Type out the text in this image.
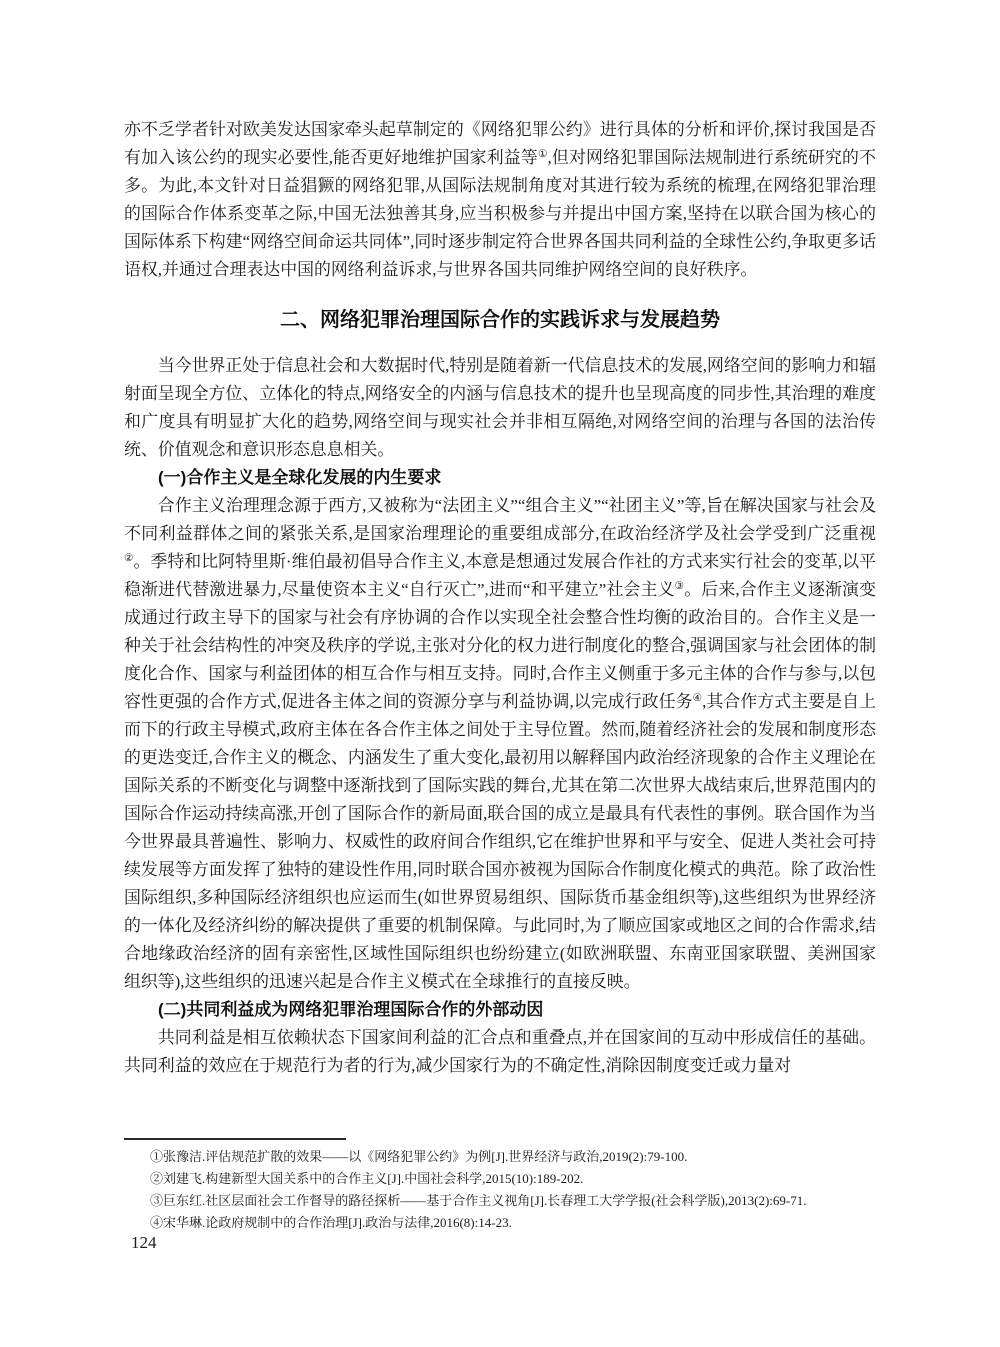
亦不乏学者针对欧美发达国家牵头起草制定的《网络犯罪公约》进行具体的分析和评价,探讨我国是否有加入该公约的现实必要性,能否更好地维护国家利益等①,但对网络犯罪国际法规制进行系统研究的不多。为此,本文针对日益猖獗的网络犯罪,从国际法规制角度对其进行较为系统的梳理,在网络犯罪治理的国际合作体系变革之际,中国无法独善其身,应当积极参与并提出中国方案,坚持在以联合国为核心的国际体系下构建“网络空间命运共同体”,同时逐步制定符合世界各国共同利益的全球性公约,争取更多话语权,并通过合理表达中国的网络利益诉求,与世界各国共同维护网络空间的良好秩序。

二、网络犯罪治理国际合作的实践诉求与发展趋势

当今世界正处于信息社会和大数据时代,特别是随着新一代信息技术的发展,网络空间的影响力和辐射面呈现全方位、立体化的特点,网络安全的内涵与信息技术的提升也呈现高度的同步性,其治理的难度和广度具有明显扩大化的趋势,网络空间与现实社会并非相互隔绝,对网络空间的治理与各国的法治传统、价值观念和意识形态息息相关。

(一)合作主义是全球化发展的内生要求

合作主义治理理念源于西方,又被称为“法团主义”“组合主义”“社团主义”等,旨在解决国家与社会及不同利益群体之间的紧张关系,是国家治理理论的重要组成部分,在政治经济学及社会学受到广泛重视②。季特和比阿特里斯·维伯最初倡导合作主义,本意是想通过发展合作社的方式来实行社会的变革,以平稳渐进代替激进暴力,尽量使资本主义“自行灭亡”,进而“和平建立”社会主义③。后来,合作主义逐渐演变成通过行政主导下的国家与社会有序协调的合作以实现全社会整合性均衡的政治目的。合作主义是一种关于社会结构性的冲突及秩序的学说,主张对分化的权力进行制度化的整合,强调国家与社会团体的制度化合作、国家与利益团体的相互合作与相互支持。同时,合作主义侧重于多元主体的合作与参与,以包容性更强的合作方式,促进各主体之间的资源分享与利益协调,以完成行政任务④,其合作方式主要是自上而下的行政主导模式,政府主体在各合作主体之间处于主导位置。然而,随着经济社会的发展和制度形态的更迭变迁,合作主义的概念、内涵发生了重大变化,最初用以解释国内政治经济现象的合作主义理论在国际关系的不断变化与调整中逐渐找到了国际实践的舞台,尤其在第二次世界大战结束后,世界范围内的国际合作运动持续高涨,开创了国际合作的新局面,联合国的成立是最具有代表性的事例。联合国作为当今世界最具普遍性、影响力、权威性的政府间合作组织,它在维护世界和平与安全、促进人类社会可持续发展等方面发挥了独特的建设性作用,同时联合国亦被视为国际合作制度化模式的典范。除了政治性国际组织,多种国际经济组织也应运而生(如世界贸易组织、国际货币基金组织等),这些组织为世界经济的一体化及经济纠纷的解决提供了重要的机制保障。与此同时,为了顺应国家或地区之间的合作需求,结合地缘政治经济的固有亲密性,区域性国际组织也纷纷建立(如欧洲联盟、东南亚国家联盟、美洲国家组织等),这些组织的迅速兴起是合作主义模式在全球推行的直接反映。

(二)共同利益成为网络犯罪治理国际合作的外部动因

共同利益是相互依赖状态下国家间利益的汇合点和重叠点,并在国家间的互动中形成信任的基础。共同利益的效应在于规范行为者的行为,减少国家行为的不确定性,消除因制度变迁或力量对

①张豫洁.评估规范扩散的效果——以《网络犯罪公约》为例[J].世界经济与政治,2019(2):79-100.
②刘建飞.构建新型大国关系中的合作主义[J].中国社会科学,2015(10):189-202.
③巨东红.社区层面社会工作督导的路径探析——基于合作主义视角[J].长春理工大学学报(社会科学版),2013(2):69-71.
④宋华琳.论政府规制中的合作治理[J].政治与法律,2016(8):14-23.
124
